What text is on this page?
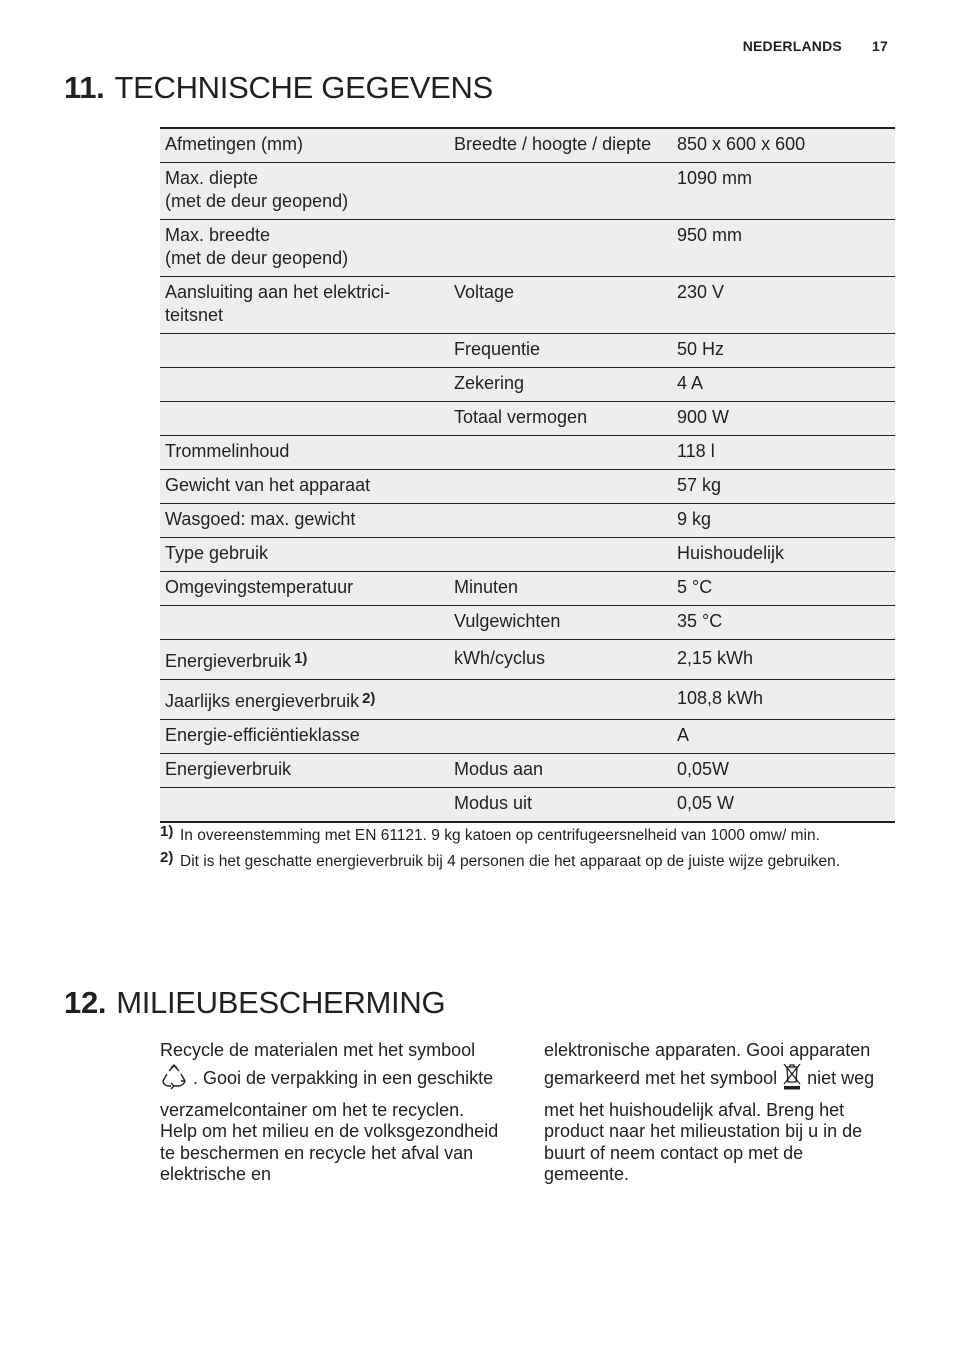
NEDERLANDS 17
11. TECHNISCHE GEGEVENS
Afmetingen (mm)	Breedte / hoogte / diepte	850 x 600 x 600
Max. diepte
(met de deur geopend)		1090 mm
Max. breedte
(met de deur geopend)		950 mm
Aansluiting aan het elektrici-
teitsnet	Voltage	230 V
	Frequentie	50 Hz
	Zekering	4 A
	Totaal vermogen	900 W
Trommelinhoud		118 l
Gewicht van het apparaat		57 kg
Wasgoed: max. gewicht		9 kg
Type gebruik		Huishoudelijk
Omgevingstemperatuur	Minuten	5 °C
	Vulgewichten	35 °C
Energieverbruik $^{1)}$	kWh/cyclus	2,15 kWh
Jaarlijks energieverbruik $^{2)}$		108,8 kWh
Energie-efficiëntieklasse		A
Energieverbruik	Modus aan	0,05W
	Modus uit	0,05 W
1) In overeenstemming met EN 61121. 9 kg katoen op centrifugeersnelheid van 1000 omw/ min.
2) Dit is het geschatte energieverbruik bij 4 personen die het apparaat op de juiste wijze gebruiken.
12. MILIEUBESCHERMING

Recycle de materialen met het symbool

. Gooi de verpakking in een geschikte

verzamelcontainer om het te recyclen. Help om het milieu en de volksgezondheid te beschermen en recycle het afval van elektrische en

elektronische apparaten. Gooi apparaten

gemarkeerd met het symbool  niet weg

met het huishoudelijk afval. Breng het product naar het milieustation bij u in de buurt of neem contact op met de gemeente.
